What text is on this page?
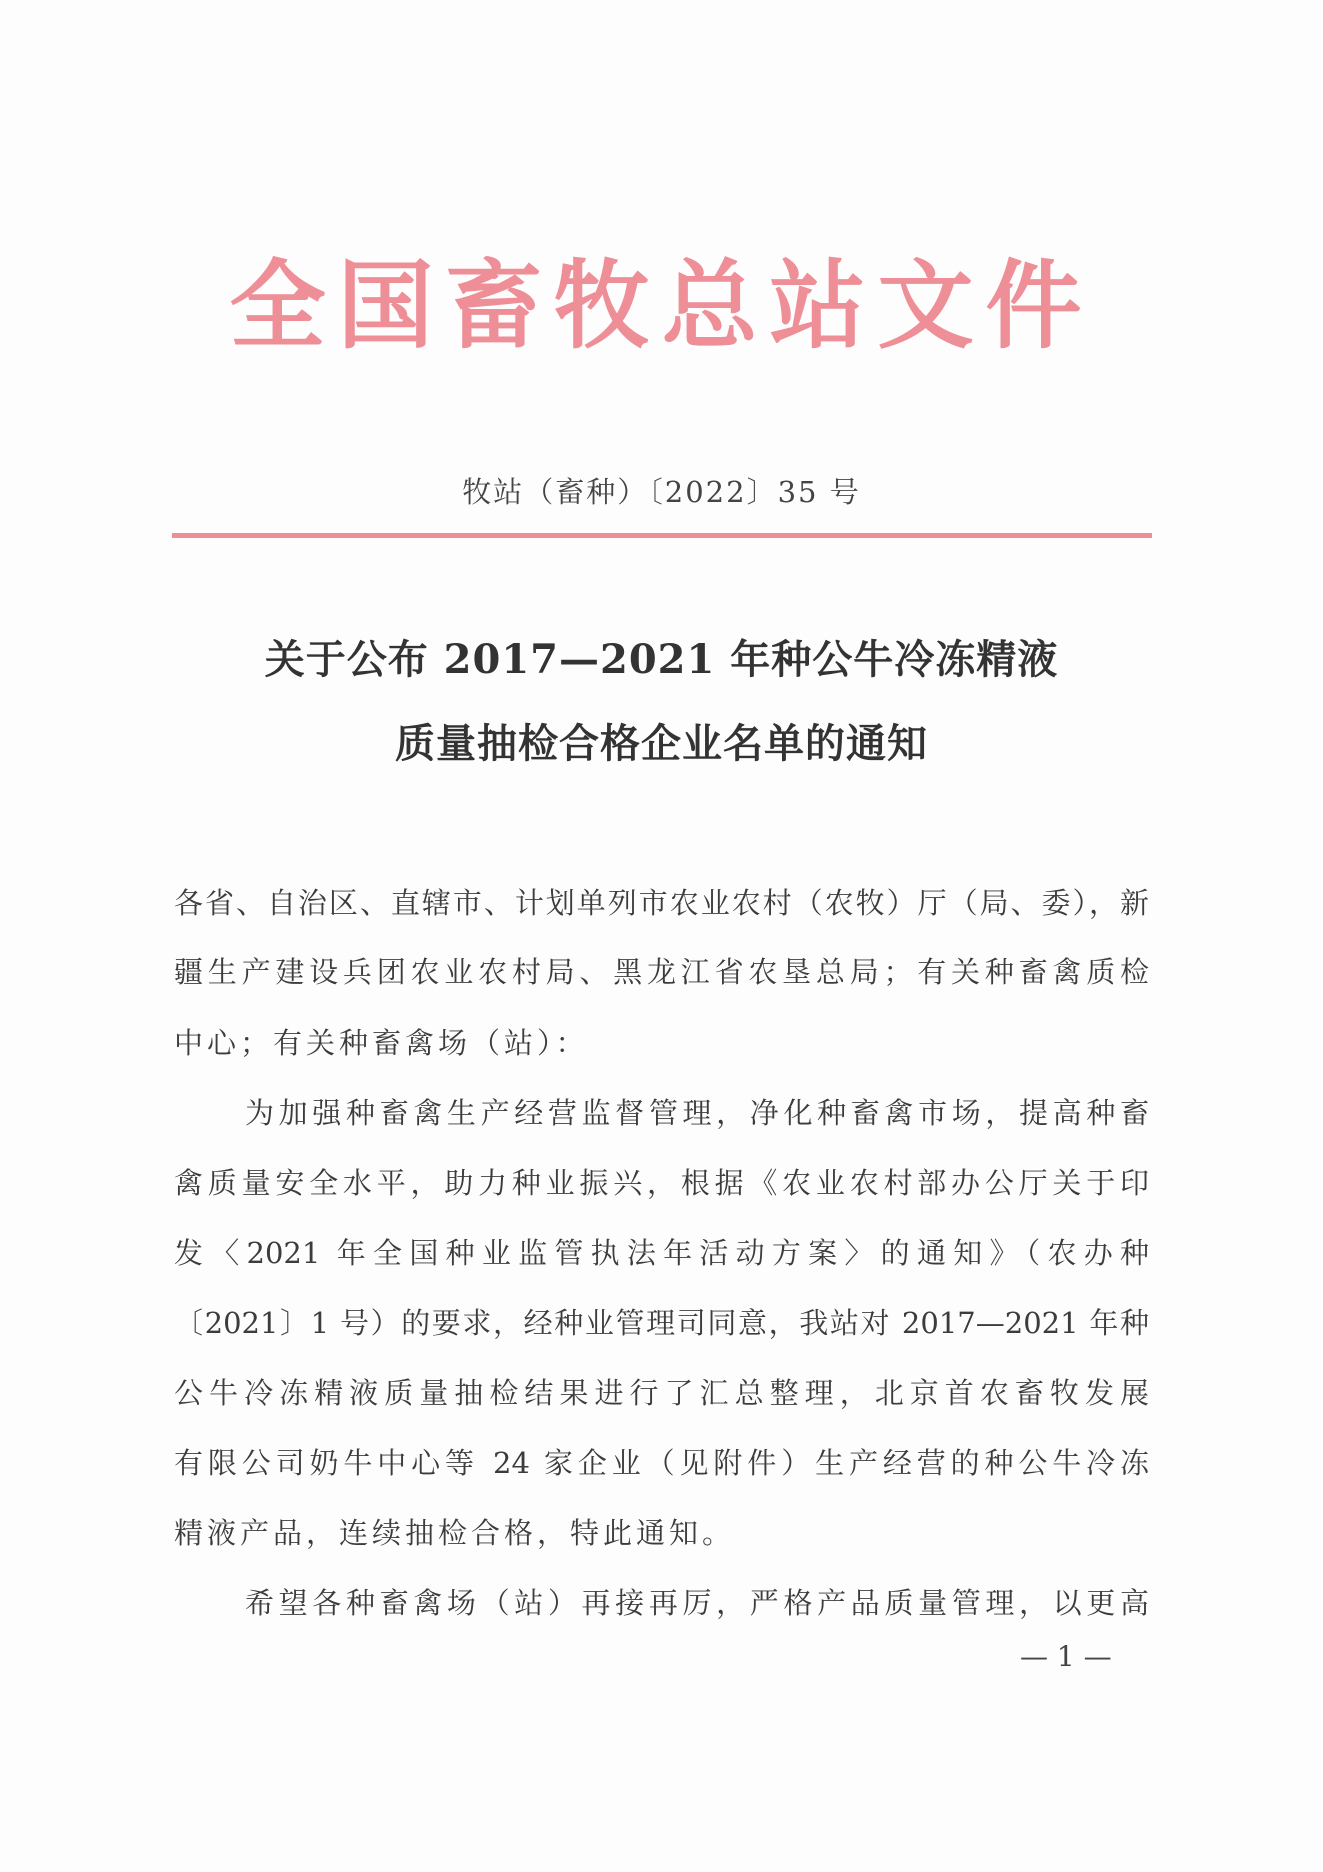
全国畜牧总站文件
牧站（畜种）〔2022〕35 号
关于公布 2017—2021 年种公牛冷冻精液
质量抽检合格企业名单的通知
各省、自治区、直辖市、计划单列市农业农村（农牧）厅（局、委），新
疆生产建设兵团农业农村局、黑龙江省农垦总局；有关种畜禽质检
中心；有关种畜禽场（站）：
为加强种畜禽生产经营监督管理，净化种畜禽市场，提高种畜
禽质量安全水平，助力种业振兴，根据《农业农村部办公厅关于印
发〈2021 年全国种业监管执法年活动方案〉的通知》（农办种
〔2021〕1 号）的要求，经种业管理司同意，我站对 2017—2021 年种
公牛冷冻精液质量抽检结果进行了汇总整理，北京首农畜牧发展
有限公司奶牛中心等 24 家企业（见附件）生产经营的种公牛冷冻
精液产品，连续抽检合格，特此通知。
希望各种畜禽场（站）再接再厉，严格产品质量管理，以更高
— 1 —
